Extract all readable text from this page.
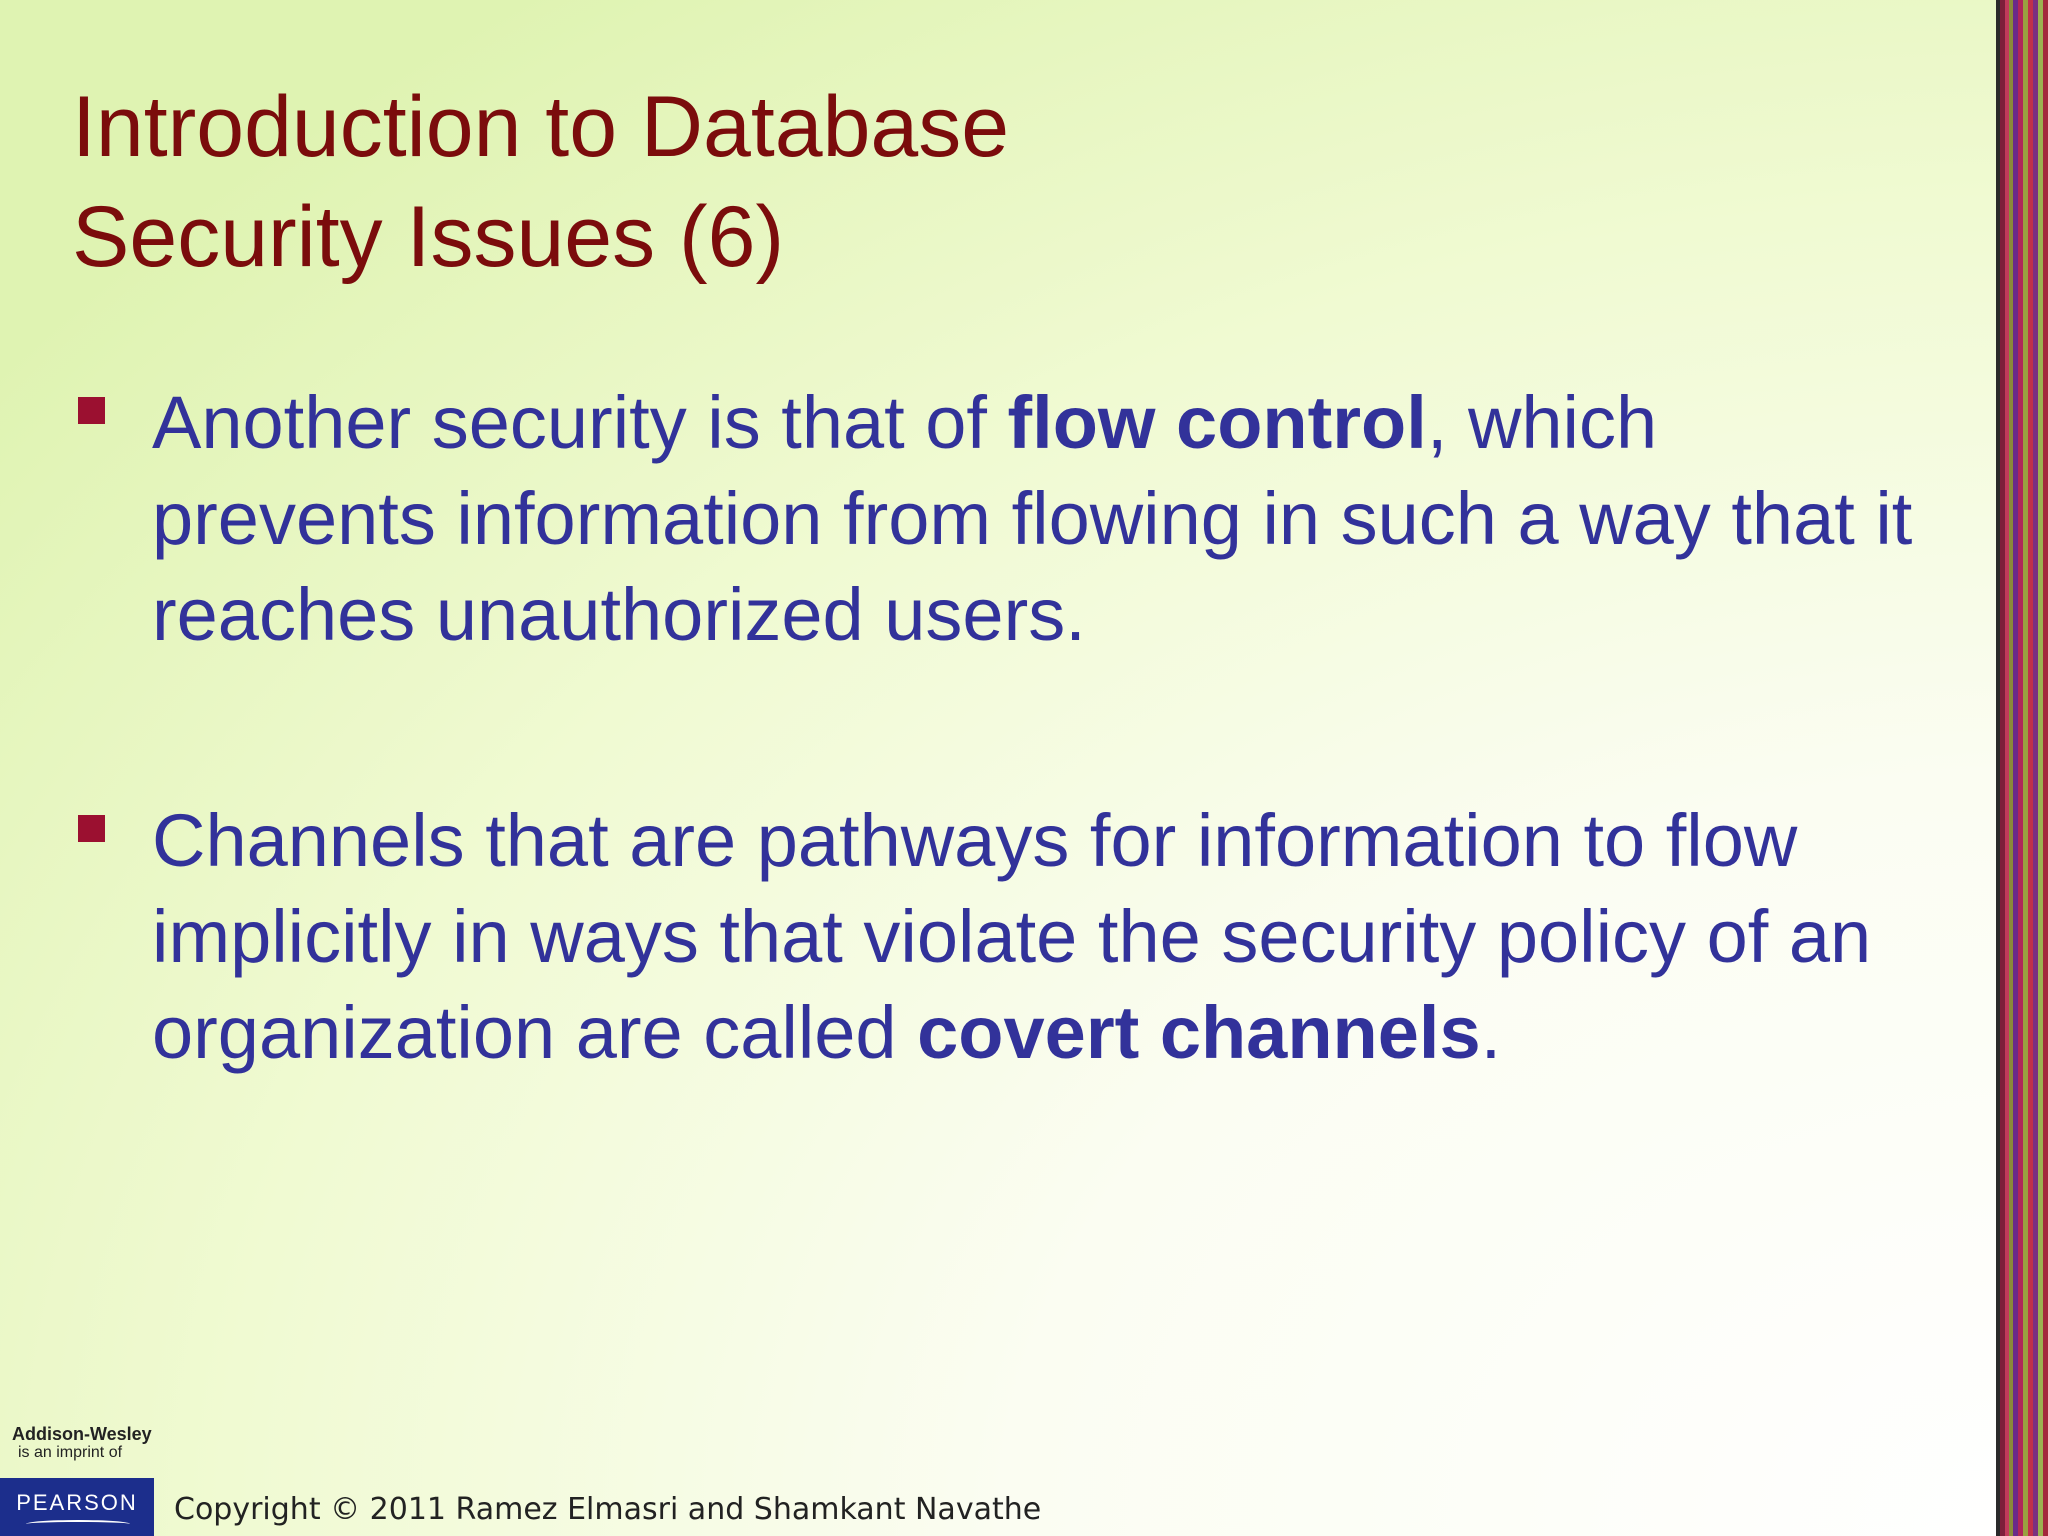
Introduction to Database
Security Issues (6)
Another security is that of flow control, which prevents information from flowing in such a way that it reaches unauthorized users.
Channels that are pathways for information to flow implicitly in ways that violate the security policy of an organization are called covert channels.
Addison-Wesley
is an imprint of
PEARSON	Copyright © 2011 Ramez Elmasri and Shamkant Navathe
